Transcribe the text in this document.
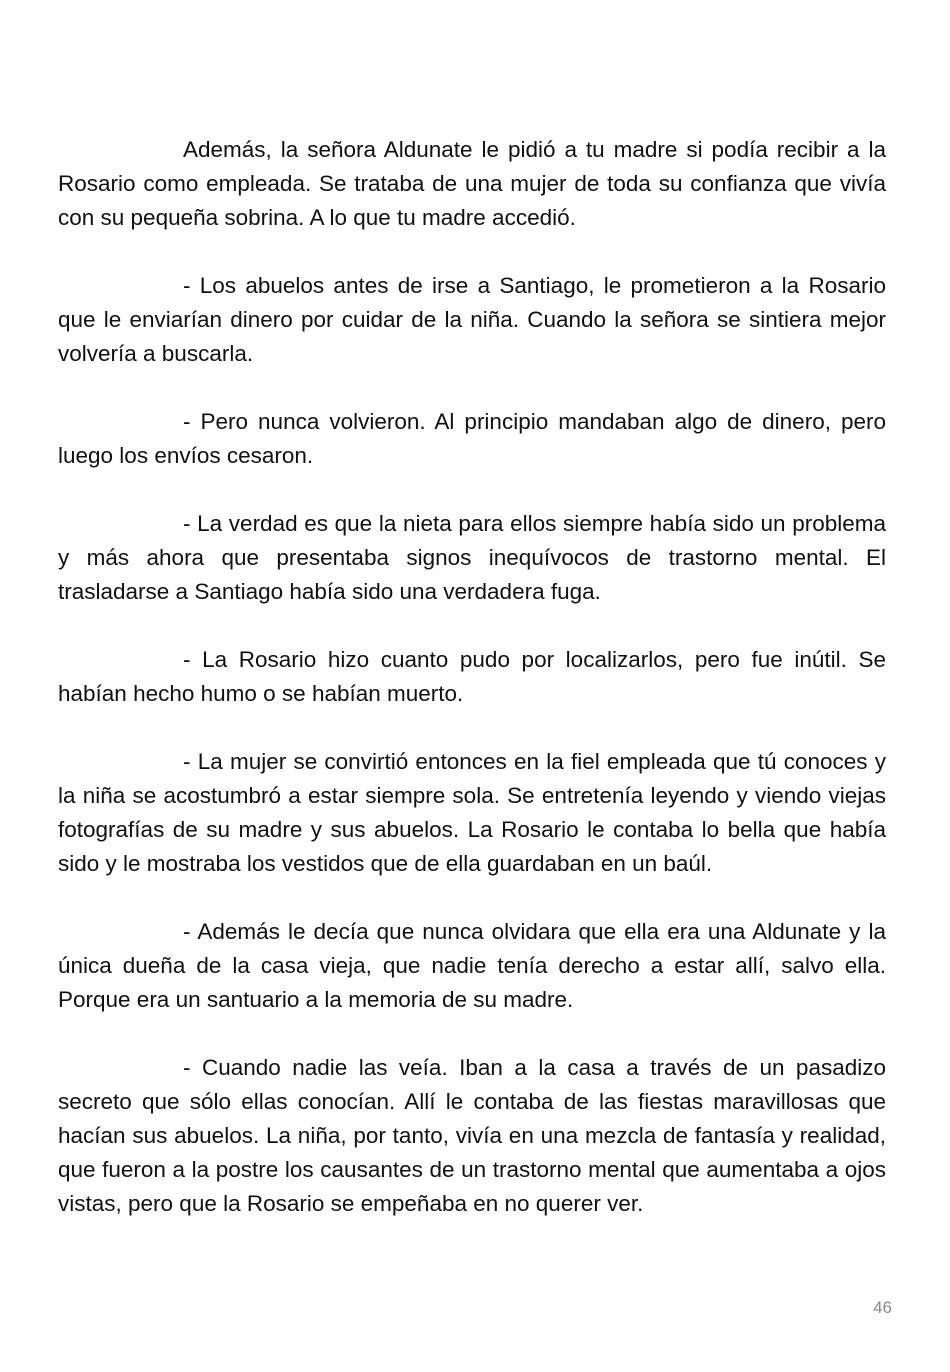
Además, la señora Aldunate le pidió a tu madre si podía recibir a la Rosario como empleada. Se trataba de una mujer de toda su confianza que vivía con su pequeña sobrina. A lo que tu madre accedió.

- Los abuelos antes de irse a Santiago, le prometieron a la Rosario que le enviarían dinero por cuidar de la niña. Cuando la señora se sintiera mejor volvería a buscarla.

- Pero nunca volvieron. Al principio mandaban algo de dinero, pero luego los envíos cesaron.

- La verdad es que la nieta para ellos siempre había sido un problema y más ahora que presentaba signos inequívocos de trastorno mental. El trasladarse a Santiago había sido una verdadera fuga.

- La Rosario hizo cuanto pudo por localizarlos, pero fue inútil. Se habían hecho humo o se habían muerto.

- La mujer se convirtió entonces en la fiel empleada que tú conoces y la niña se acostumbró a estar siempre sola. Se entretenía leyendo y viendo viejas fotografías de su madre y sus abuelos. La Rosario le contaba lo bella que había sido y le mostraba los vestidos que de ella guardaban en un baúl.

- Además le decía que nunca olvidara que ella era una Aldunate y la única dueña de la casa vieja, que nadie tenía derecho a estar allí, salvo ella. Porque era un santuario a la memoria de su madre.

- Cuando nadie las veía. Iban a la casa a través de un pasadizo secreto que sólo ellas conocían. Allí le contaba de las fiestas maravillosas que hacían sus abuelos. La niña, por tanto, vivía en una mezcla de fantasía y realidad, que fueron a la postre los causantes de un trastorno mental que aumentaba a ojos vistas, pero que la Rosario se empeñaba en no querer ver.

46
